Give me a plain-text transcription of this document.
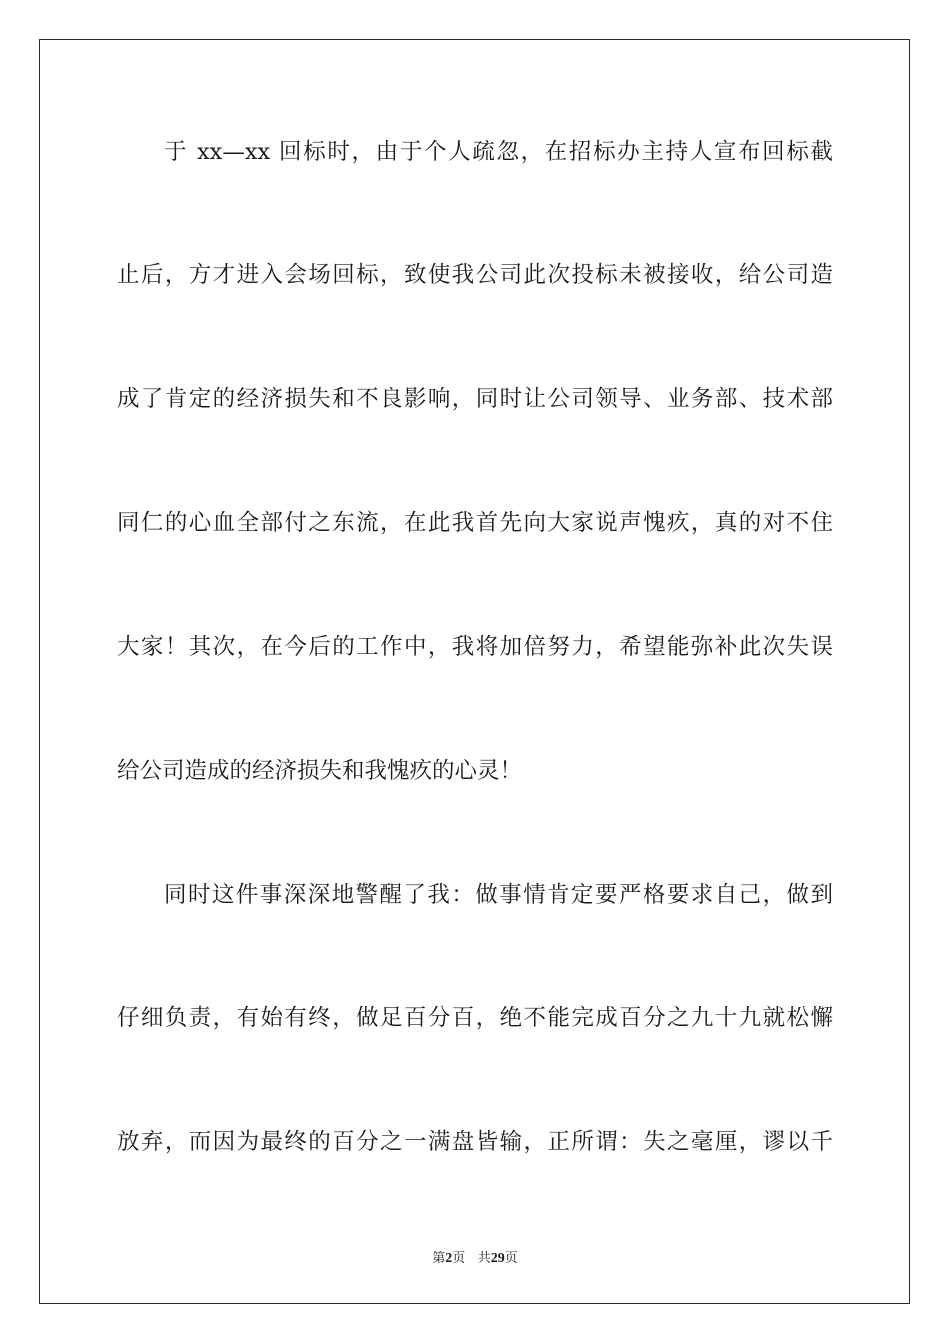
于 xx—xx 回标时，由于个人疏忽，在招标办主持人宣布回标截
止后，方才进入会场回标，致使我公司此次投标未被接收，给公司造
成了肯定的经济损失和不良影响，同时让公司领导、业务部、技术部
同仁的心血全部付之东流，在此我首先向大家说声愧疚，真的对不住
大家！其次，在今后的工作中，我将加倍努力，希望能弥补此次失误
给公司造成的经济损失和我愧疚的心灵！
同时这件事深深地警醒了我：做事情肯定要严格要求自己，做到
仔细负责，有始有终，做足百分百，绝不能完成百分之九十九就松懈
放弃，而因为最终的百分之一满盘皆输，正所谓：失之毫厘，谬以千
第2页 共29页
